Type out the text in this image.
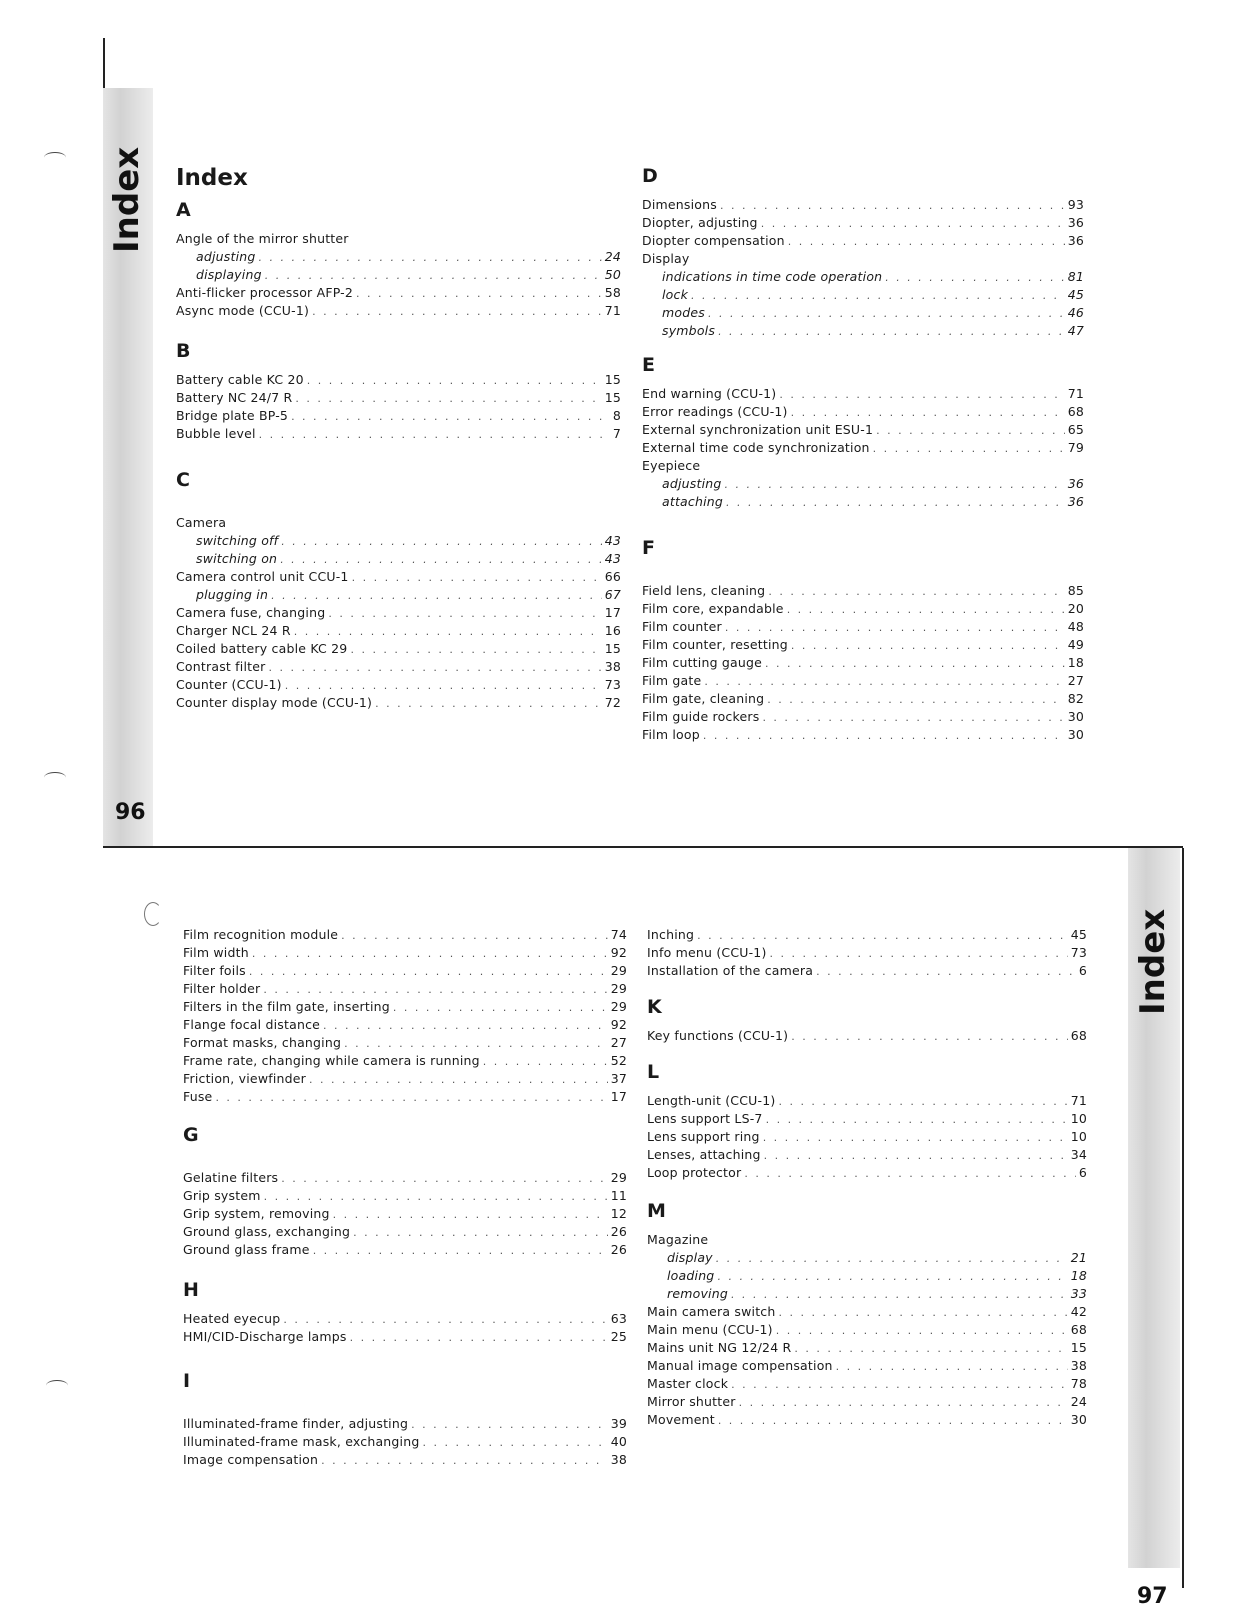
Index
96
Index
A
Angle of the mirror shutter
adjusting . . .	24
displaying . . .	50
Anti-flicker processor AFP-2 . . .	58
Async mode (CCU-1) . . .	71
B
Battery cable KC 20 . . .	15
Battery NC 24/7 R . . .	15
Bridge plate BP-5 . . .	8
Bubble level . . .	7
C
Camera
switching off . . .	43
switching on . . .	43
Camera control unit CCU-1 . . .	66
plugging in . . .	67
Camera fuse, changing . . .	17
Charger NCL 24 R . . .	16
Coiled battery cable KC 29 . . .	15
Contrast filter . . .	38
Counter (CCU-1) . . .	73
Counter display mode (CCU-1) . . .	72
D
Dimensions . . .	93
Diopter, adjusting . . .	36
Diopter compensation . . .	36
Display
indications in time code operation . . .	81
lock . . .	45
modes . . .	46
symbols . . .	47
E
End warning (CCU-1) . . .	71
Error readings (CCU-1) . . .	68
External synchronization unit ESU-1 . . .	65
External time code synchronization . . .	79
Eyepiece
adjusting . . .	36
attaching . . .	36
F
Field lens, cleaning . . .	85
Film core, expandable . . .	20
Film counter . . .	48
Film counter, resetting . . .	49
Film cutting gauge . . .	18
Film gate . . .	27
Film gate, cleaning . . .	82
Film guide rockers . . .	30
Film loop . . .	30
Index
97
Film recognition module . . .	74
Film width . . .	92
Filter foils . . .	29
Filter holder . . .	29
Filters in the film gate, inserting . . .	29
Flange focal distance . . .	92
Format masks, changing . . .	27
Frame rate, changing while camera is running . . .	52
Friction, viewfinder . . .	37
Fuse . . .	17
G
Gelatine filters . . .	29
Grip system . . .	11
Grip system, removing . . .	12
Ground glass, exchanging . . .	26
Ground glass frame . . .	26
H
Heated eyecup . . .	63
HMI/CID-Discharge lamps . . .	25
I
Illuminated-frame finder, adjusting . . .	39
Illuminated-frame mask, exchanging . . .	40
Image compensation . . .	38
Inching . . .	45
Info menu (CCU-1) . . .	73
Installation of the camera . . .	6
K
Key functions (CCU-1) . . .	68
L
Length-unit (CCU-1) . . .	71
Lens support LS-7 . . .	10
Lens support ring . . .	10
Lenses, attaching . . .	34
Loop protector . . .	6
M
Magazine
display . . .	21
loading . . .	18
removing . . .	33
Main camera switch . . .	42
Main menu (CCU-1) . . .	68
Mains unit NG 12/24 R . . .	15
Manual image compensation . . .	38
Master clock . . .	78
Mirror shutter . . .	24
Movement . . .	30
